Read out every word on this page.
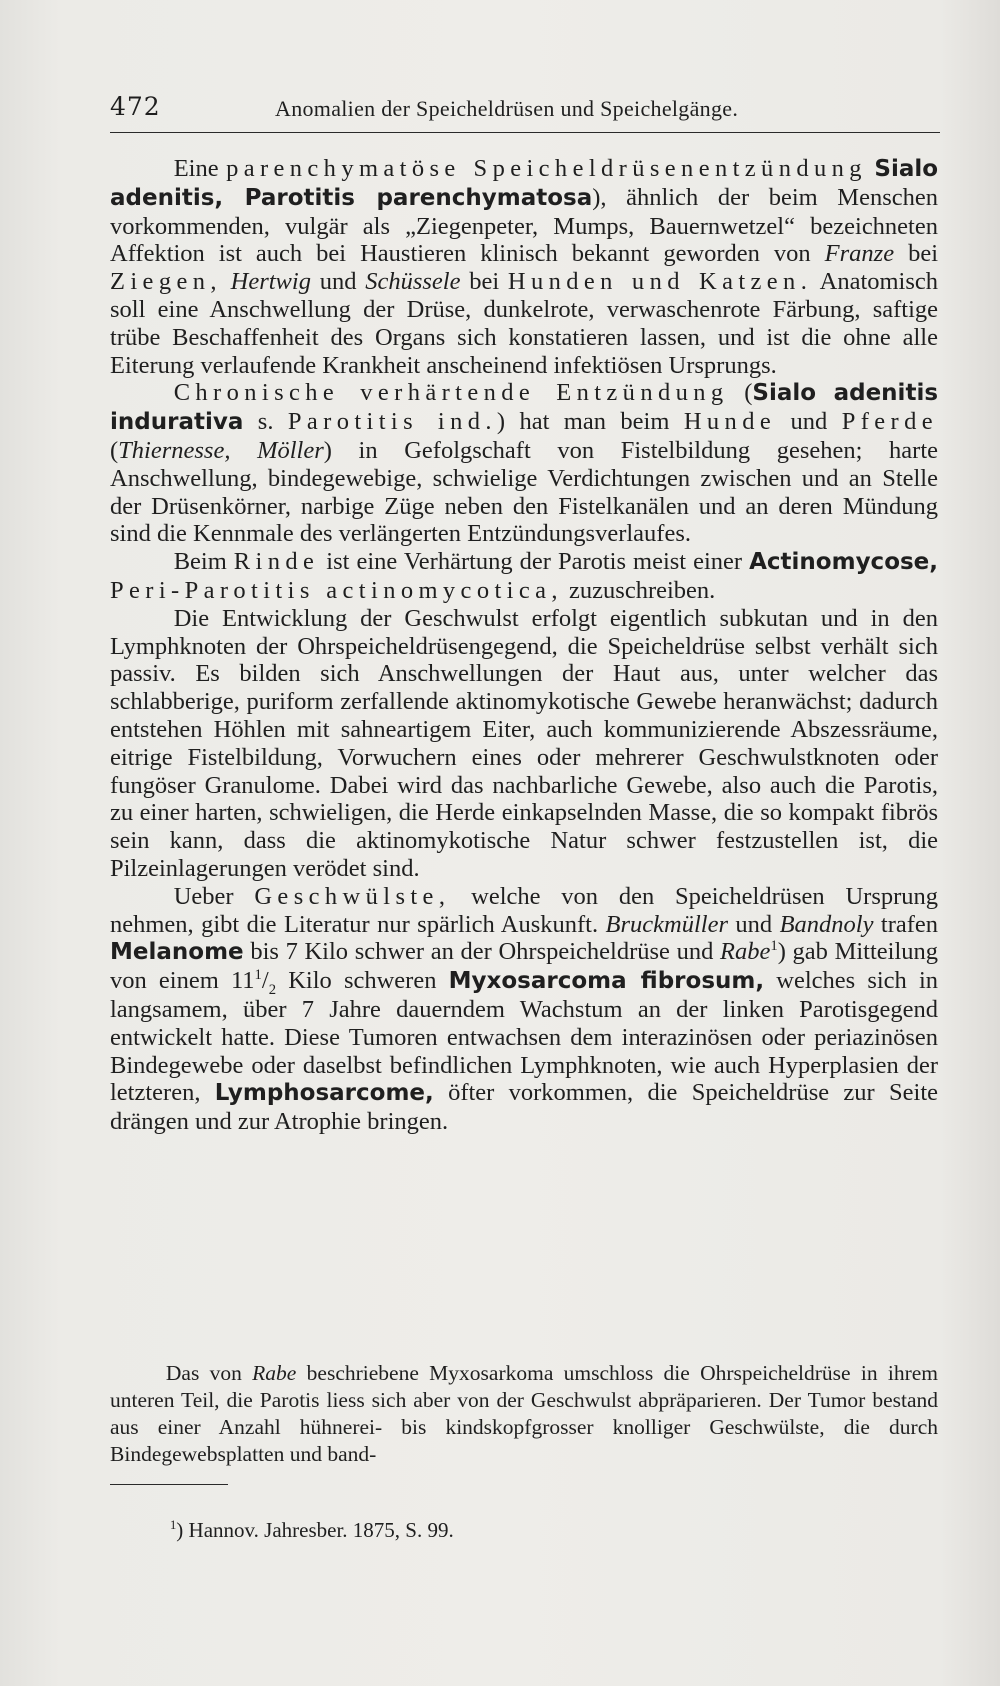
472	Anomalien der Speicheldrüsen und Speichelgänge.

Eine parenchymatöse Speicheldrüsenentzündung Sialo adenitis, Parotitis parenchymatosa), ähnlich der beim Menschen vorkommenden, vulgär als „Ziegenpeter, Mumps, Bauernwetzel“ bezeichneten Affektion ist auch bei Haustieren klinisch bekannt geworden von Franze bei Ziegen, Hertwig und Schüssele bei Hunden und Katzen. Anatomisch soll eine Anschwellung der Drüse, dunkelrote, verwaschenrote Färbung, saftige trübe Beschaffenheit des Organs sich konstatieren lassen, und ist die ohne alle Eiterung verlaufende Krankheit anscheinend infektiösen Ursprungs.

Chronische verhärtende Entzündung (Sialo adenitis indurativa s. Parotitis ind.) hat man beim Hunde und Pferde (Thiernesse, Möller) in Gefolgschaft von Fistelbildung gesehen; harte Anschwellung, bindegewebige, schwielige Verdichtungen zwischen und an Stelle der Drüsenkörner, narbige Züge neben den Fistelkanälen und an deren Mündung sind die Kennmale des verlängerten Entzündungsverlaufes.

Beim Rinde ist eine Verhärtung der Parotis meist einer Actinomycose, Peri-Parotitis actinomycotica, zuzuschreiben.

Die Entwicklung der Geschwulst erfolgt eigentlich subkutan und in den Lymphknoten der Ohrspeicheldrüsengegend, die Speicheldrüse selbst verhält sich passiv. Es bilden sich Anschwellungen der Haut aus, unter welcher das schlabberige, puriform zerfallende aktinomykotische Gewebe heranwächst; dadurch entstehen Höhlen mit sahneartigem Eiter, auch kommunizierende Abszessräume, eitrige Fistelbildung, Vorwuchern eines oder mehrerer Geschwulstknoten oder fungöser Granulome. Dabei wird das nachbarliche Gewebe, also auch die Parotis, zu einer harten, schwieligen, die Herde einkapselnden Masse, die so kompakt fibrös sein kann, dass die aktinomykotische Natur schwer festzustellen ist, die Pilzeinlagerungen verödet sind.

Ueber Geschwülste, welche von den Speicheldrüsen Ursprung nehmen, gibt die Literatur nur spärlich Auskunft. Bruckmüller und Bandnoly trafen Melanome bis 7 Kilo schwer an der Ohrspeicheldrüse und Rabe$^1$) gab Mitteilung von einem $11^1/_2$ Kilo schweren Myxosarcoma fibrosum, welches sich in langsamem, über 7 Jahre dauerndem Wachstum an der linken Parotisgegend entwickelt hatte. Diese Tumoren entwachsen dem interazinösen oder periazinösen Bindegewebe oder daselbst befindlichen Lymphknoten, wie auch Hyperplasien der letzteren, Lymphosarcome, öfter vorkommen, die Speicheldrüse zur Seite drängen und zur Atrophie bringen.

Das von Rabe beschriebene Myxosarkoma umschloss die Ohrspeicheldrüse in ihrem unteren Teil, die Parotis liess sich aber von der Geschwulst abpräparieren. Der Tumor bestand aus einer Anzahl hühnerei- bis kindskopfgrosser knolliger Geschwülste, die durch Bindegewebsplatten und band-

$^1$) Hannov. Jahresber. 1875, S. 99.
